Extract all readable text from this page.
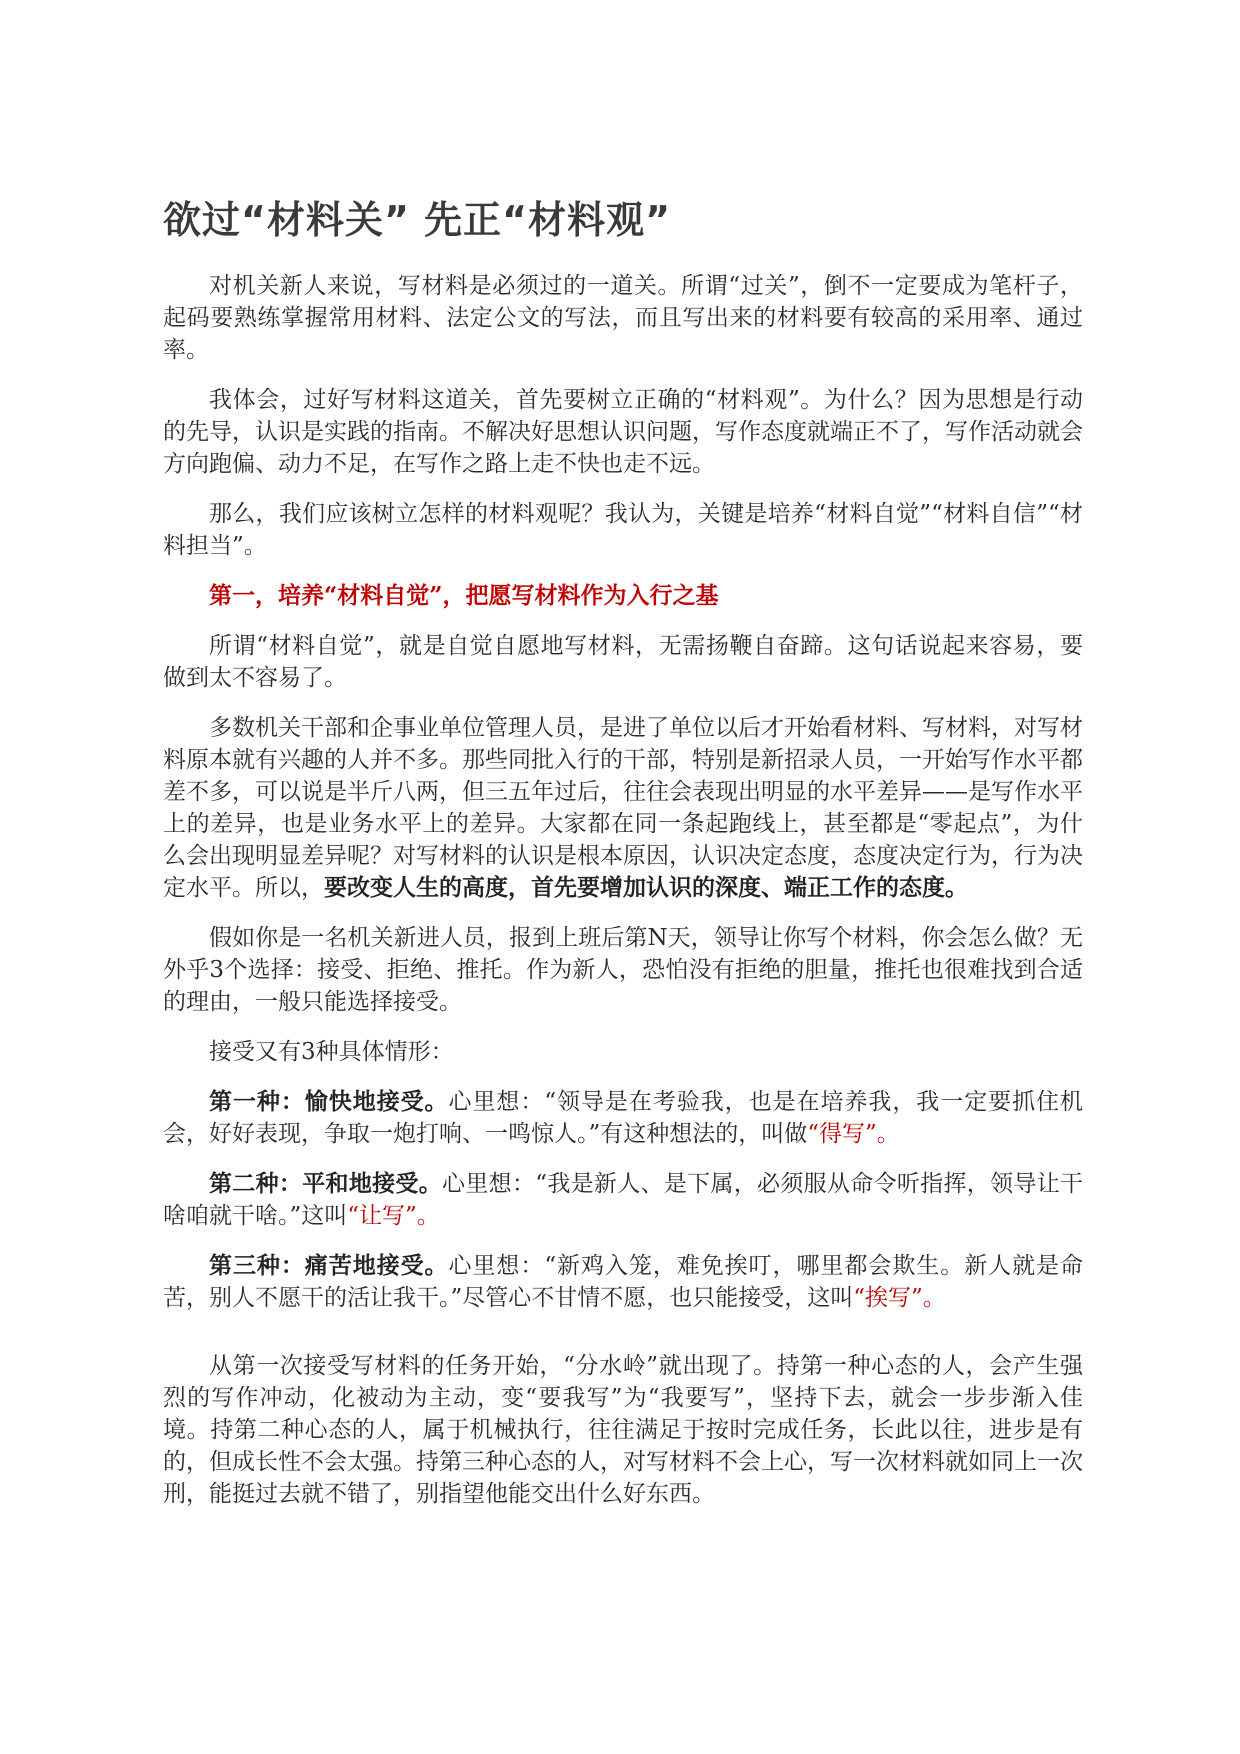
欲过“材料关” 先正“材料观”

对机关新人来说，写材料是必须过的一道关。所谓“过关”，倒不一定要成为笔杆子，起码要熟练掌握常用材料、法定公文的写法，而且写出来的材料要有较高的采用率、通过率。

我体会，过好写材料这道关，首先要树立正确的“材料观”。为什么？因为思想是行动的先导，认识是实践的指南。不解决好思想认识问题，写作态度就端正不了，写作活动就会方向跑偏、动力不足，在写作之路上走不快也走不远。

那么，我们应该树立怎样的材料观呢？我认为，关键是培养“材料自觉”“材料自信”“材料担当”。

第一，培养“材料自觉”，把愿写材料作为入行之基

所谓“材料自觉”，就是自觉自愿地写材料，无需扬鞭自奋蹄。这句话说起来容易，要做到太不容易了。

多数机关干部和企事业单位管理人员，是进了单位以后才开始看材料、写材料，对写材料原本就有兴趣的人并不多。那些同批入行的干部，特别是新招录人员，一开始写作水平都差不多，可以说是半斤八两，但三五年过后，往往会表现出明显的水平差异——是写作水平上的差异，也是业务水平上的差异。大家都在同一条起跑线上，甚至都是“零起点”，为什么会出现明显差异呢？对写材料的认识是根本原因，认识决定态度，态度决定行为，行为决定水平。所以，要改变人生的高度，首先要增加认识的深度、端正工作的态度。

假如你是一名机关新进人员，报到上班后第N天，领导让你写个材料，你会怎么做？无外乎3个选择：接受、拒绝、推托。作为新人，恐怕没有拒绝的胆量，推托也很难找到合适的理由，一般只能选择接受。

接受又有3种具体情形：

第一种：愉快地接受。心里想：“领导是在考验我，也是在培养我，我一定要抓住机会，好好表现，争取一炮打响、一鸣惊人。”有这种想法的，叫做“得写”。

第二种：平和地接受。心里想：“我是新人、是下属，必须服从命令听指挥，领导让干啥咱就干啥。”这叫“让写”。

第三种：痛苦地接受。心里想：“新鸡入笼，难免挨叮，哪里都会欺生。新人就是命苦，别人不愿干的活让我干。”尽管心不甘情不愿，也只能接受，这叫“挨写”。

从第一次接受写材料的任务开始，“分水岭”就出现了。持第一种心态的人，会产生强烈的写作冲动，化被动为主动，变“要我写”为“我要写”，坚持下去，就会一步步渐入佳境。持第二种心态的人，属于机械执行，往往满足于按时完成任务，长此以往，进步是有的，但成长性不会太强。持第三种心态的人，对写材料不会上心，写一次材料就如同上一次刑，能挺过去就不错了，别指望他能交出什么好东西。
